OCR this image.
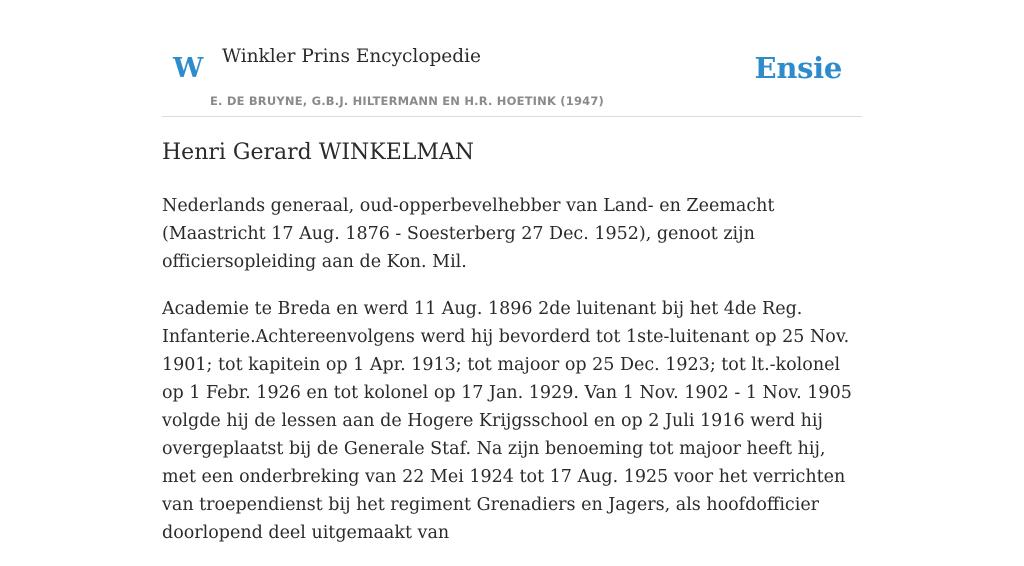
W Winkler Prins Encyclopedie
E. DE BRUYNE, G.B.J. HILTERMANN EN H.R. HOETINK (1947)
Ensie
Henri Gerard WINKELMAN

Nederlands generaal, oud-opperbevelhebber van Land- en Zeemacht (Maastricht 17 Aug. 1876 - Soesterberg 27 Dec. 1952), genoot zijn officiersopleiding aan de Kon. Mil.

Academie te Breda en werd 11 Aug. 1896 2de luitenant bij het 4de Reg. Infanterie.Achtereenvolgens werd hij bevorderd tot 1ste-luitenant op 25 Nov. 1901; tot kapitein op 1 Apr. 1913; tot majoor op 25 Dec. 1923; tot lt.-kolonel op 1 Febr. 1926 en tot kolonel op 17 Jan. 1929. Van 1 Nov. 1902 - 1 Nov. 1905 volgde hij de lessen aan de Hogere Krijgsschool en op 2 Juli 1916 werd hij overgeplaatst bij de Generale Staf. Na zijn benoeming tot majoor heeft hij, met een onderbreking van 22 Mei 1924 tot 17 Aug. 1925 voor het verrichten van troependienst bij het regiment Grenadiers en Jagers, als hoofdofficier doorlopend deel uitgemaakt van
